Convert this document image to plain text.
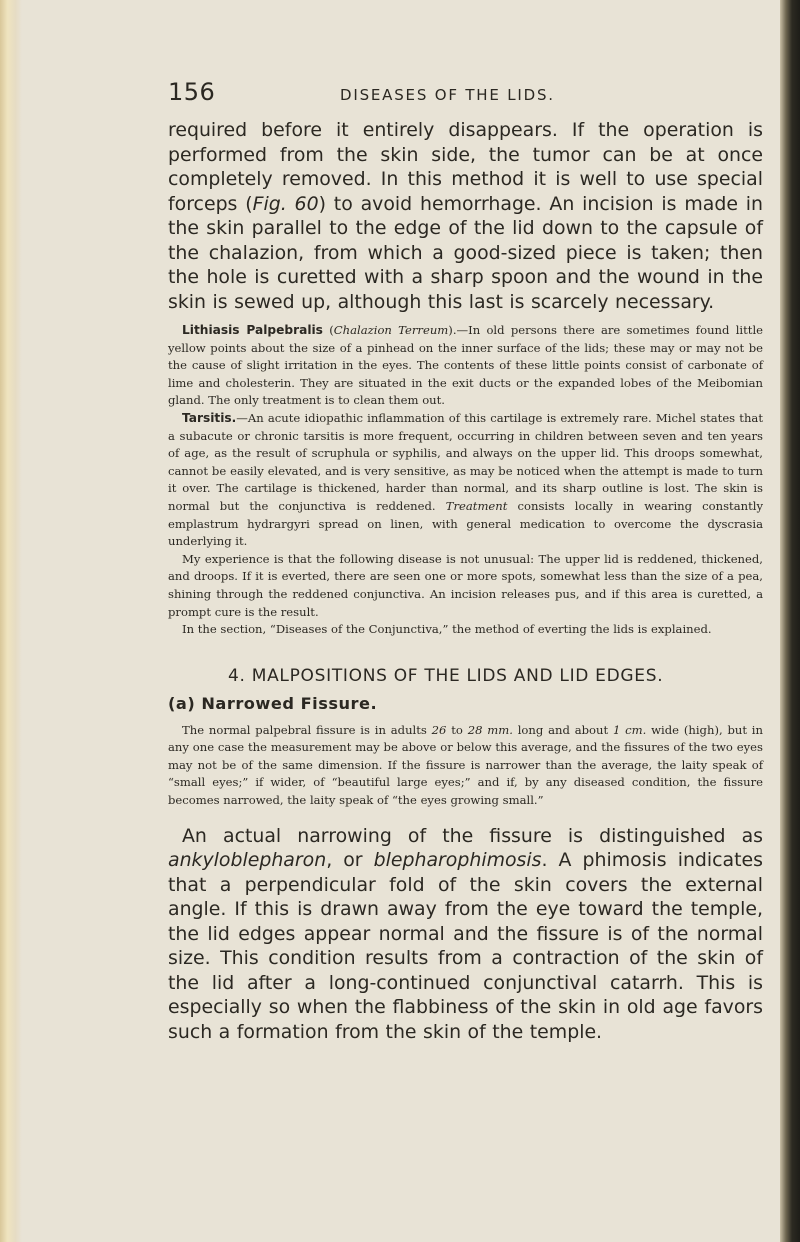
156	DISEASES OF THE LIDS.

required before it entirely disappears. If the operation is performed from the skin side, the tumor can be at once completely removed. In this method it is well to use special forceps (Fig. 60) to avoid hemorrhage. An incision is made in the skin parallel to the edge of the lid down to the capsule of the chalazion, from which a good-sized piece is taken; then the hole is curetted with a sharp spoon and the wound in the skin is sewed up, although this last is scarcely necessary.

Lithiasis Palpebralis (Chalazion Terreum).—In old persons there are sometimes found little yellow points about the size of a pinhead on the inner surface of the lids; these may or may not be the cause of slight irritation in the eyes. The contents of these little points consist of carbonate of lime and cholesterin. They are situated in the exit ducts or the expanded lobes of the Meibomian gland. The only treatment is to clean them out.

Tarsitis.—An acute idiopathic inflammation of this cartilage is extremely rare. Michel states that a subacute or chronic tarsitis is more frequent, occurring in children between seven and ten years of age, as the result of scruphula or syphilis, and always on the upper lid. This droops somewhat, cannot be easily elevated, and is very sensitive, as may be noticed when the attempt is made to turn it over. The cartilage is thickened, harder than normal, and its sharp outline is lost. The skin is normal but the conjunctiva is reddened. Treatment consists locally in wearing constantly emplastrum hydrargyri spread on linen, with general medication to overcome the dyscrasia underlying it.

My experience is that the following disease is not unusual: The upper lid is reddened, thickened, and droops. If it is everted, there are seen one or more spots, somewhat less than the size of a pea, shining through the reddened conjunctiva. An incision releases pus, and if this area is curetted, a prompt cure is the result.

In the section, “Diseases of the Conjunctiva,” the method of everting the lids is explained.

4. MALPOSITIONS OF THE LIDS AND LID EDGES.
(a) Narrowed Fissure.

The normal palpebral fissure is in adults 26 to 28 mm. long and about 1 cm. wide (high), but in any one case the measurement may be above or below this average, and the fissures of the two eyes may not be of the same dimension. If the fissure is narrower than the average, the laity speak of “small eyes;” if wider, of “beautiful large eyes;” and if, by any diseased condition, the fissure becomes narrowed, the laity speak of “the eyes growing small.”

An actual narrowing of the fissure is distinguished as ankyloblepharon, or blepharophimosis. A phimosis indicates that a perpendicular fold of the skin covers the external angle. If this is drawn away from the eye toward the temple, the lid edges appear normal and the fissure is of the normal size. This condition results from a contraction of the skin of the lid after a long-continued conjunctival catarrh. This is especially so when the flabbiness of the skin in old age favors such a formation from the skin of the temple.
